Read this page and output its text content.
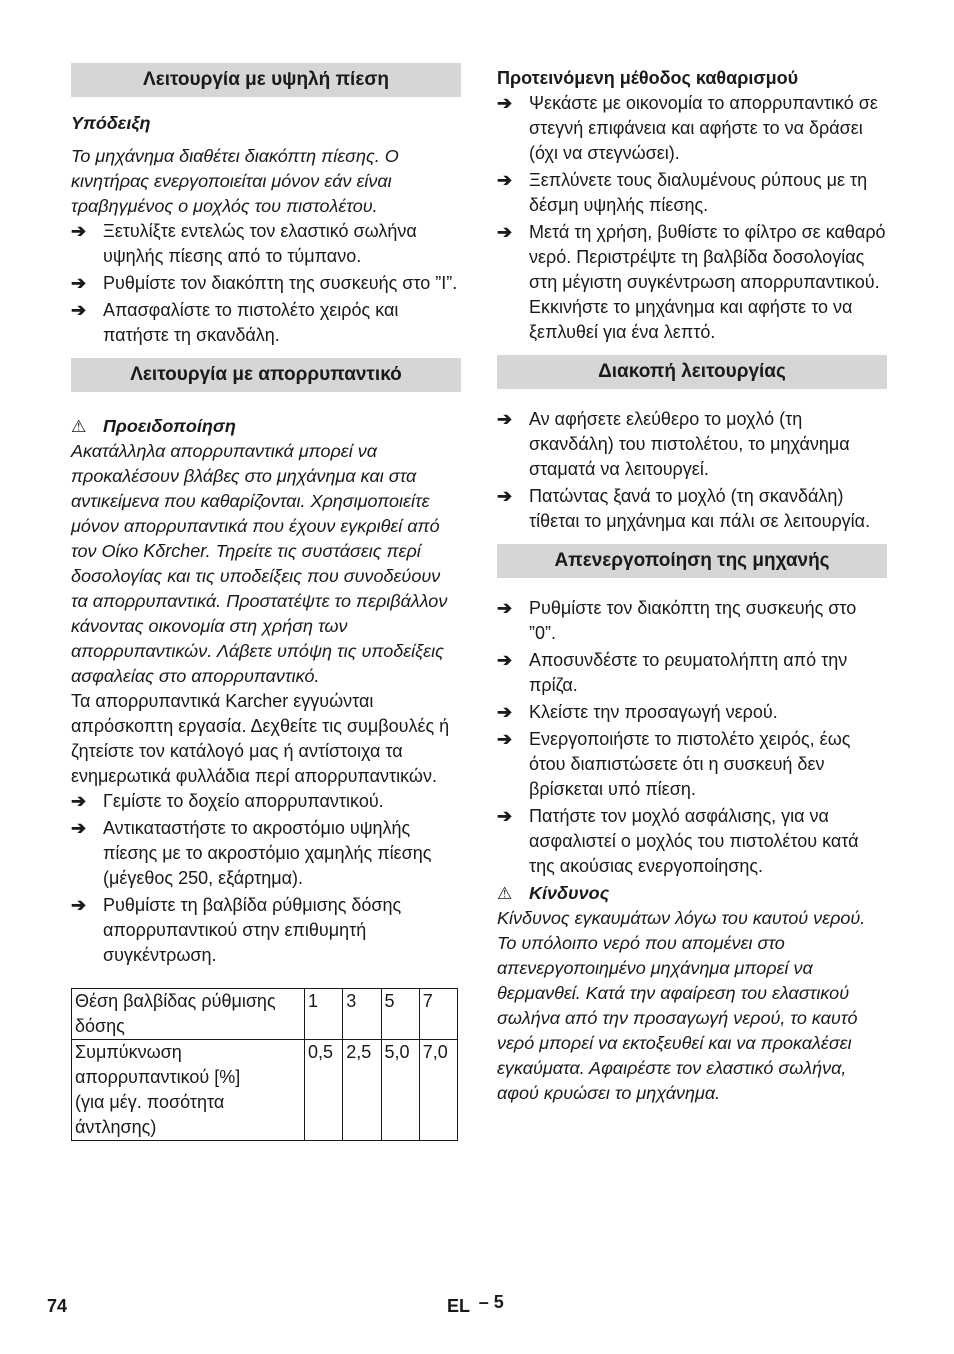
Λειτουργία με υψηλή πίεση

Υπόδειξη

Το μηχάνημα διαθέτει διακόπτη πίεσης. Ο κινητήρας ενεργοποιείται μόνον εάν είναι τραβηγμένος ο μοχλός του πιστολέτου.

➔ Ξετυλίξτε εντελώς τον ελαστικό σωλήνα υψηλής πίεσης από το τύμπανο.
➔ Ρυθμίστε τον διακόπτη της συσκευής στο ”I”.
➔ Απασφαλίστε το πιστολέτο χειρός και πατήστε τη σκανδάλη.
Λειτουργία με απορρυπαντικό
⚠ Προειδοποίηση

Ακατάλληλα απορρυπαντικά μπορεί να προκαλέσουν βλάβες στο μηχάνημα και στα αντικείμενα που καθαρίζονται. Χρησιμοποιείτε μόνον απορρυπαντικά που έχουν εγκριθεί από τον Οίκο Kδrcher. Τηρείτε τις συστάσεις περί δοσολογίας και τις υποδείξεις που συνοδεύουν τα απορρυπαντικά. Προστατέψτε το περιβάλλον κάνοντας οικονομία στη χρήση των απορρυπαντικών. Λάβετε υπόψη τις υποδείξεις ασφαλείας στο απορρυπαντικό.

Τα απορρυπαντικά Karcher εγγυώνται απρόσκοπτη εργασία. Δεχθείτε τις συμβουλές ή ζητείστε τον κατάλογό μας ή αντίστοιχα τα ενημερωτικά φυλλάδια περί απορρυπαντικών.

➔ Γεμίστε το δοχείο απορρυπαντικού.
➔ Αντικαταστήστε το ακροστόμιο υψηλής πίεσης με το ακροστόμιο χαμηλής πίεσης (μέγεθος 250, εξάρτημα).
➔ Ρυθμίστε τη βαλβίδα ρύθμισης δόσης απορρυπαντικού στην επιθυμητή συγκέντρωση.
Θέση βαλβίδας ρύθμισης δόσης	1	3	5	7
Συμπύκνωση απορρυπαντικού [%]
(για μέγ. ποσότητα άντλησης)	0,5	2,5	5,0	7,0

Προτεινόμενη μέθοδος καθαρισμού

➔ Ψεκάστε με οικονομία το απορρυπαντικό σε στεγνή επιφάνεια και αφήστε το να δράσει (όχι να στεγνώσει).
➔ Ξεπλύνετε τους διαλυμένους ρύπους με τη δέσμη υψηλής πίεσης.
➔ Μετά τη χρήση, βυθίστε το φίλτρο σε καθαρό νερό. Περιστρέψτε τη βαλβίδα δοσολογίας στη μέγιστη συγκέντρωση απορρυπαντικού. Εκκινήστε το μηχάνημα και αφήστε το να ξεπλυθεί για ένα λεπτό.
Διακοπή λειτουργίας
➔ Αν αφήσετε ελεύθερο το μοχλό (τη σκανδάλη) του πιστολέτου, το μηχάνημα σταματά να λειτουργεί.
➔ Πατώντας ξανά το μοχλό (τη σκανδάλη) τίθεται το μηχάνημα και πάλι σε λειτουργία.
Απενεργοποίηση της μηχανής
➔ Ρυθμίστε τον διακόπτη της συσκευής στο ”0”.
➔ Αποσυνδέστε το ρευματολήπτη από την πρίζα.
➔ Κλείστε την προσαγωγή νερού.
➔ Ενεργοποιήστε το πιστολέτο χειρός, έως ότου διαπιστώσετε ότι η συσκευή δεν βρίσκεται υπό πίεση.
➔ Πατήστε τον μοχλό ασφάλισης, για να ασφαλιστεί ο μοχλός του πιστολέτου κατά της ακούσιας ενεργοποίησης.
⚠ Κίνδυνος

Κίνδυνος εγκαυμάτων λόγω του καυτού νερού. Το υπόλοιπο νερό που απομένει στο απενεργοποιημένο μηχάνημα μπορεί να θερμανθεί. Κατά την αφαίρεση του ελαστικού σωλήνα από την προσαγωγή νερού, το καυτό νερό μπορεί να εκτοξευθεί και να προκαλέσει εγκαύματα. Αφαιρέστε τον ελαστικό σωλήνα, αφού κρυώσει το μηχάνημα.

74	EL – 5
